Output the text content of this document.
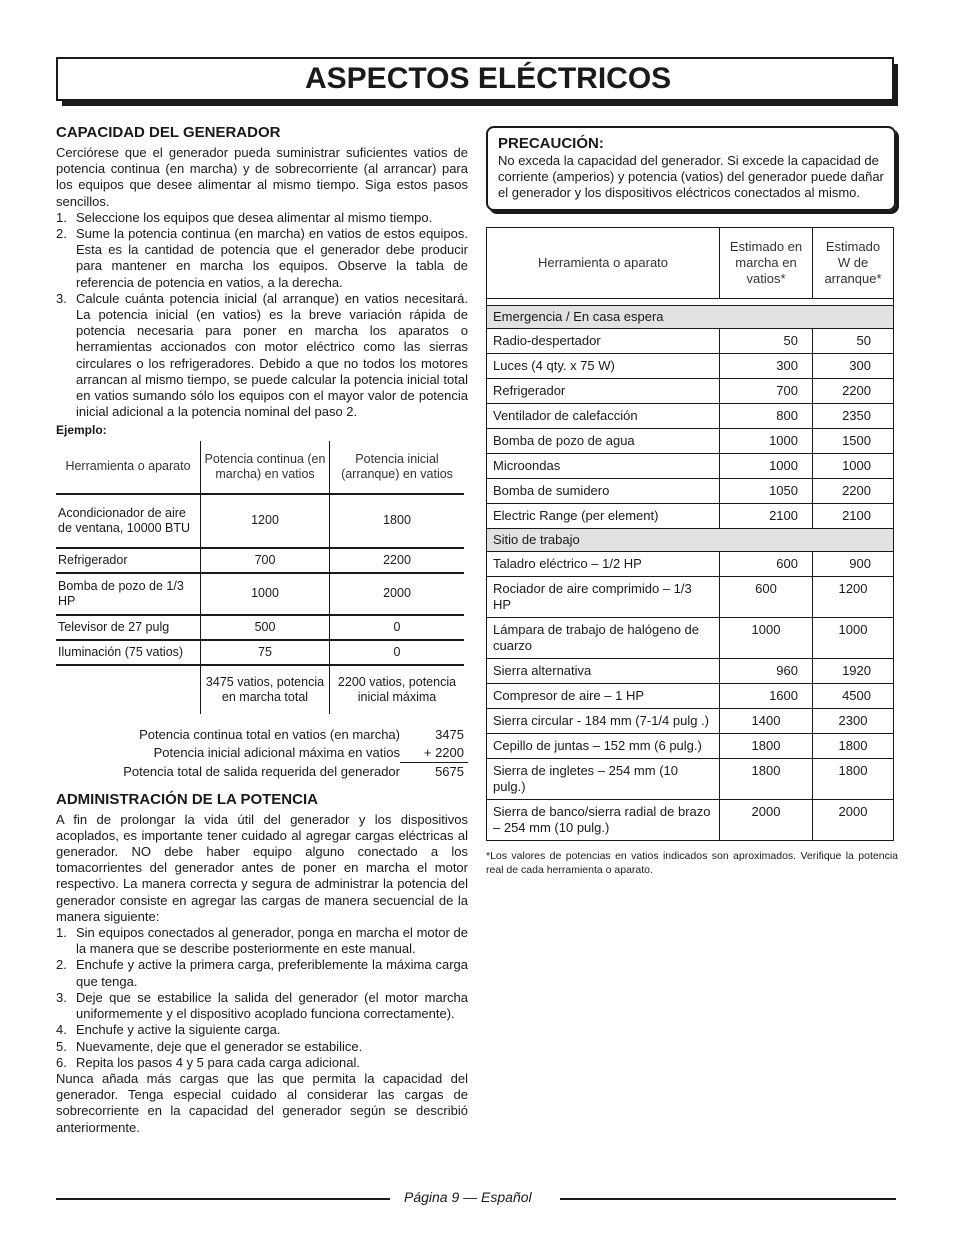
ASPECTOS ELÉCTRICOS
CAPACIDAD DEL GENERADOR

Cerciórese que el generador pueda suministrar suficientes vatios de potencia continua (en marcha) y de sobrecorriente (al arrancar) para los equipos que desee alimentar al mismo tiempo. Siga estos pasos sencillos.

1. Seleccione los equipos que desea alimentar al mismo tiempo.
2. Sume la potencia continua (en marcha) en vatios de estos equipos. Esta es la cantidad de potencia que el generador debe producir para mantener en marcha los equipos. Observe la tabla de referencia de potencia en vatios, a la derecha.
3. Calcule cuánta potencia inicial (al arranque) en vatios necesitará. La potencia inicial (en vatios) es la breve variación rápida de potencia necesaria para poner en marcha los aparatos o herramientas accionados con motor eléctrico como las sierras circulares o los refrigeradores. Debido a que no todos los motores arrancan al mismo tiempo, se puede calcular la potencia inicial total en vatios sumando sólo los equipos con el mayor valor de potencia inicial adicional a la potencia nominal del paso 2.
Ejemplo:
Herramienta o aparato	Potencia continua (en marcha) en vatios	Potencia inicial (arranque) en vatios
Acondicionador de aire de ventana, 10000 BTU	1200	1800
Refrigerador	700	2200
Bomba de pozo de 1/3 HP	1000	2000
Televisor de 27 pulg	500	0
Iluminación (75 vatios)	75	0
	3475 vatios, potencia en marcha total	2200 vatios, potencia inicial máxima
Potencia continua total en vatios (en marcha)	3475
Potencia inicial adicional máxima en vatios	+ 2200
Potencia total de salida requerida del generador	5675
ADMINISTRACIÓN DE LA POTENCIA

A fin de prolongar la vida útil del generador y los dispositivos acoplados, es importante tener cuidado al agregar cargas eléctricas al generador. NO debe haber equipo alguno conectado a los tomacorrientes del generador antes de poner en marcha el motor respectivo. La manera correcta y segura de administrar la potencia del generador consiste en agregar las cargas de manera secuencial de la manera siguiente:

1. Sin equipos conectados al generador, ponga en marcha el motor de la manera que se describe posteriormente en este manual.
2. Enchufe y active la primera carga, preferiblemente la máxima carga que tenga.
3. Deje que se estabilice la salida del generador (el motor marcha uniformemente y el dispositivo acoplado funciona correctamente).
4. Enchufe y active la siguiente carga.
5. Nuevamente, deje que el generador se estabilice.
6. Repita los pasos 4 y 5 para cada carga adicional.

Nunca añada más cargas que las que permita la capacidad del generador. Tenga especial cuidado al considerar las cargas de sobrecorriente en la capacidad del generador según se describió anteriormente.

PRECAUCIÓN:
No exceda la capacidad del generador. Si excede la capacidad de corriente (amperios) y potencia (vatios) del generador puede dañar el generador y los dispositivos eléctricos conectados al mismo.
Herramienta o aparato	Estimado en marcha en vatios*	Estimado W de arranque*

Emergencia / En casa espera		
Radio-despertador	50	50
Luces (4 qty. x 75 W)	300	300
Refrigerador	700	2200
Ventilador de calefacción	800	2350
Bomba de pozo de agua	1000	1500
Microondas	1000	1000
Bomba de sumidero	1050	2200
Electric Range (per element)	2100	2100
Sitio de trabajo		
Taladro eléctrico – 1/2 HP	600	900
Rociador de aire comprimido – 1/3 HP	600	1200
Lámpara de trabajo de halógeno de cuarzo	1000	1000
Sierra alternativa	960	1920
Compresor de aire – 1 HP	1600	4500
Sierra circular - 184 mm (7-1/4 pulg .)	1400	2300
Cepillo de juntas – 152 mm (6 pulg.)	1800	1800
Sierra de ingletes – 254 mm (10 pulg.)	1800	1800
Sierra de banco/sierra radial de brazo – 254 mm (10 pulg.)	2000	2000
*Los valores de potencias en vatios indicados son aproximados. Verifique la potencia real de cada herramienta o aparato.
Página 9 — Español
